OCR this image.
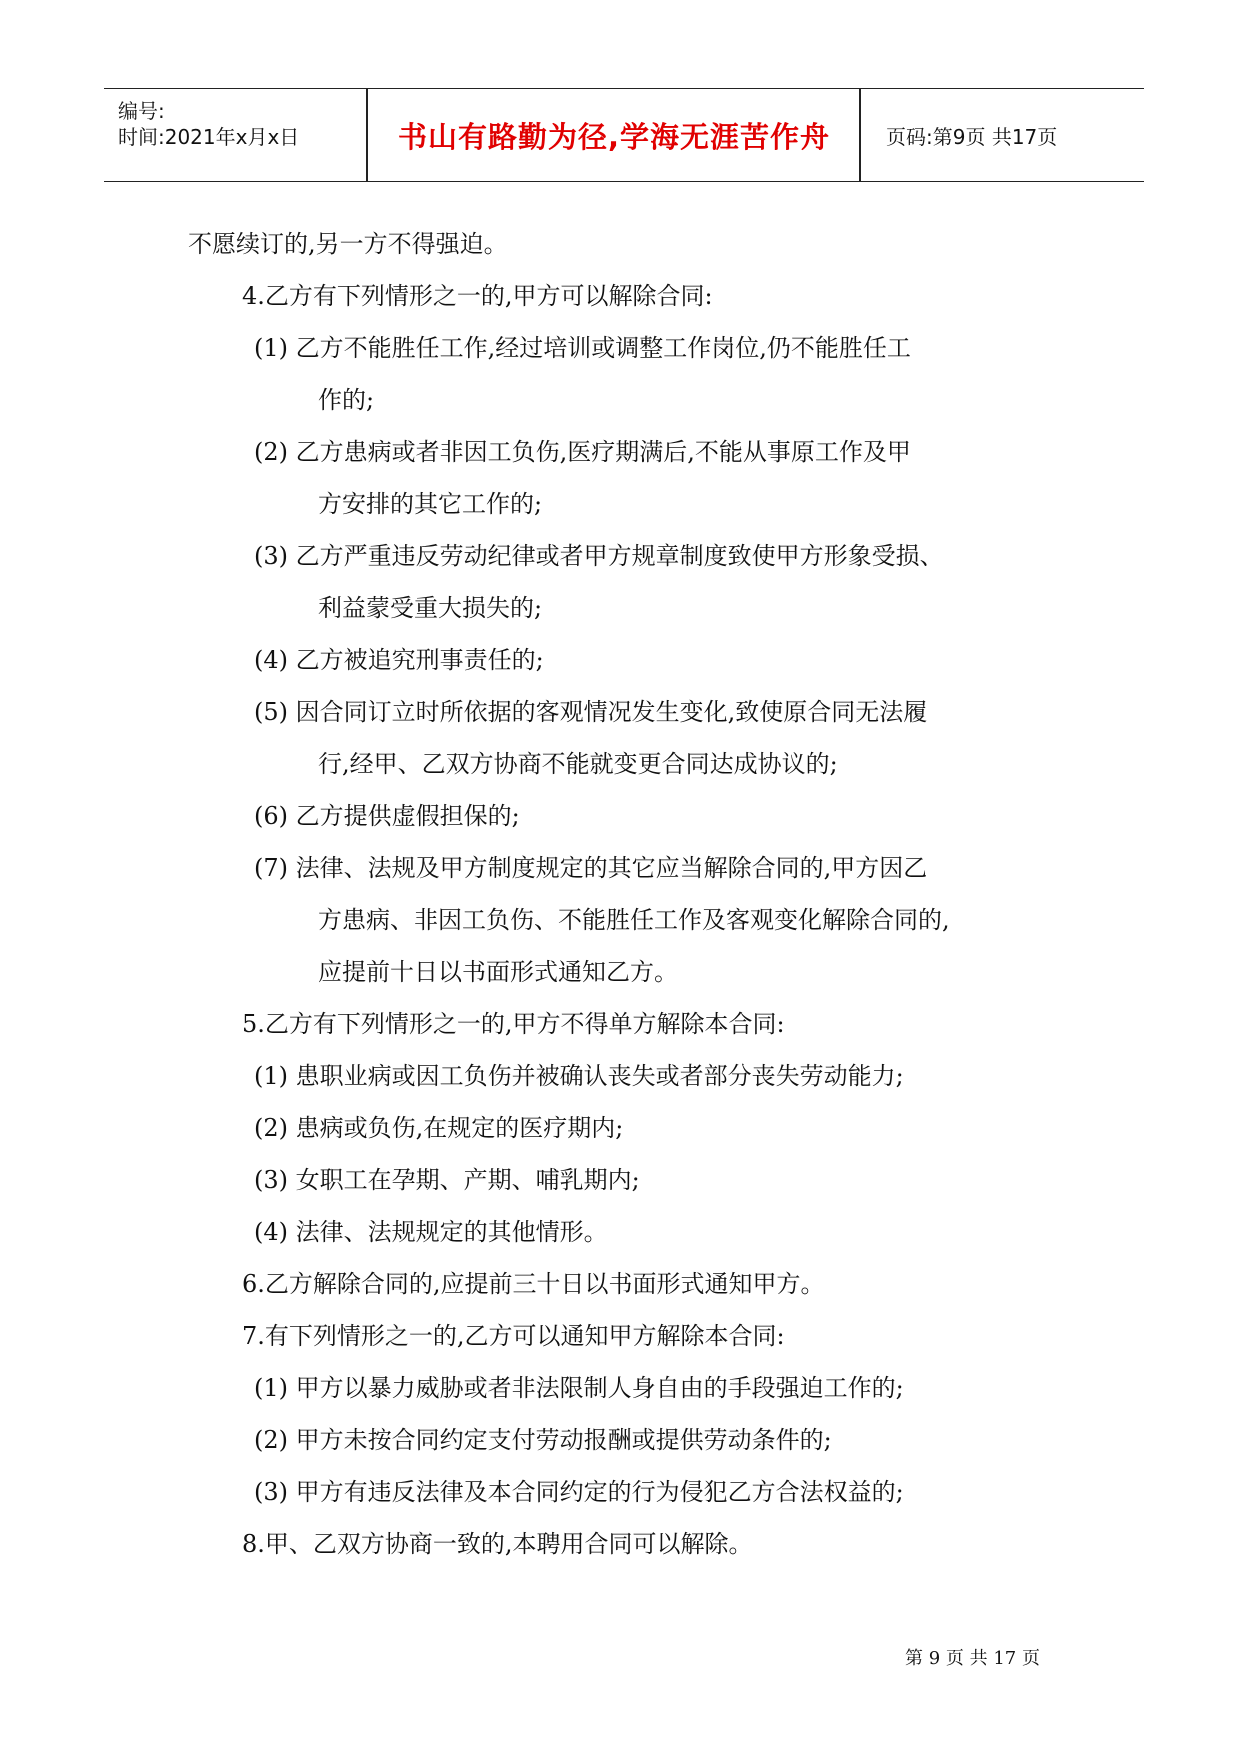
编号:
时间:2021年x月x日	书山有路勤为径,学海无涯苦作舟	页码:第9页 共17页
不愿续订的,另一方不得强迫。
4.乙方有下列情形之一的,甲方可以解除合同:
(1) 乙方不能胜任工作,经过培训或调整工作岗位,仍不能胜任工
作的;
(2) 乙方患病或者非因工负伤,医疗期满后,不能从事原工作及甲
方安排的其它工作的;
(3) 乙方严重违反劳动纪律或者甲方规章制度致使甲方形象受损、
利益蒙受重大损失的;
(4) 乙方被追究刑事责任的;
(5) 因合同订立时所依据的客观情况发生变化,致使原合同无法履
行,经甲、乙双方协商不能就变更合同达成协议的;
(6) 乙方提供虚假担保的;
(7) 法律、法规及甲方制度规定的其它应当解除合同的,甲方因乙
方患病、非因工负伤、不能胜任工作及客观变化解除合同的,
应提前十日以书面形式通知乙方。
5.乙方有下列情形之一的,甲方不得单方解除本合同:
(1) 患职业病或因工负伤并被确认丧失或者部分丧失劳动能力;
(2) 患病或负伤,在规定的医疗期内;
(3) 女职工在孕期、产期、哺乳期内;
(4) 法律、法规规定的其他情形。
6.乙方解除合同的,应提前三十日以书面形式通知甲方。
7.有下列情形之一的,乙方可以通知甲方解除本合同:
(1) 甲方以暴力威胁或者非法限制人身自由的手段强迫工作的;
(2) 甲方未按合同约定支付劳动报酬或提供劳动条件的;
(3) 甲方有违反法律及本合同约定的行为侵犯乙方合法权益的;
8.甲、乙双方协商一致的,本聘用合同可以解除。
第 9 页 共 17 页
